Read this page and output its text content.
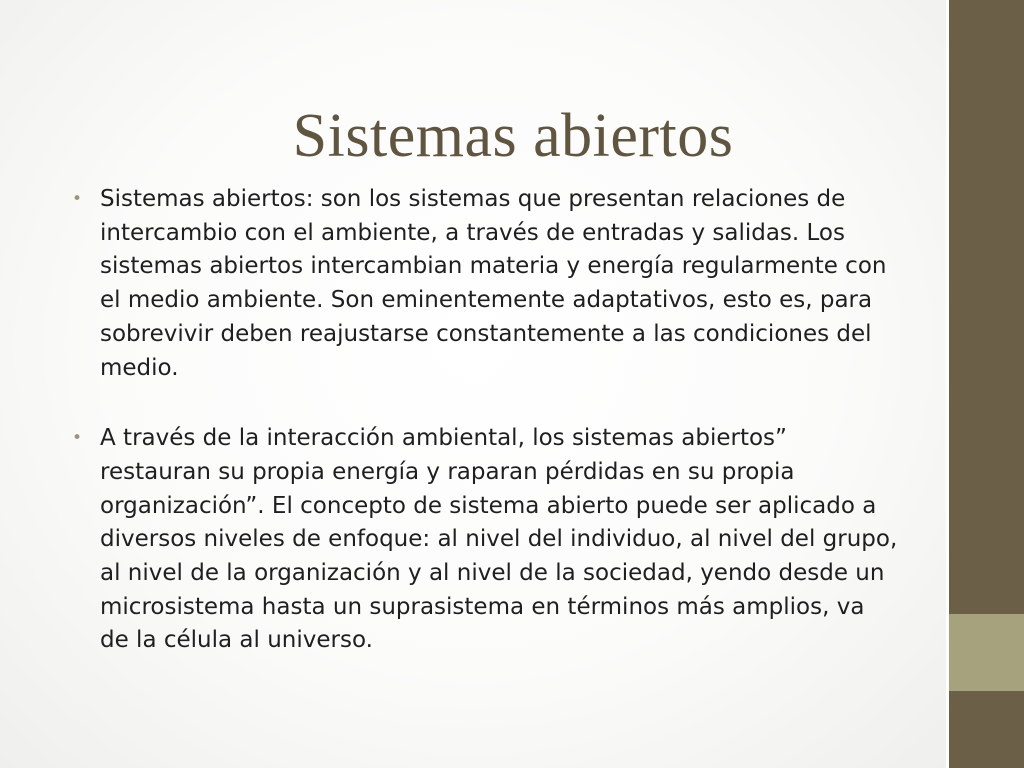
Sistemas abiertos
• Sistemas abiertos: son los sistemas que presentan relaciones de intercambio con el ambiente, a través de entradas y salidas. Los sistemas abiertos intercambian materia y energía regularmente con el medio ambiente. Son eminentemente adaptativos, esto es, para sobrevivir deben reajustarse constantemente a las condiciones del medio.
• A través de la interacción ambiental, los sistemas abiertos” restauran su propia energía y raparan pérdidas en su propia organización”. El concepto de sistema abierto puede ser aplicado a diversos niveles de enfoque: al nivel del individuo, al nivel del grupo, al nivel de la organización y al nivel de la sociedad, yendo desde un microsistema hasta un suprasistema en términos más amplios, va de la célula al universo.
